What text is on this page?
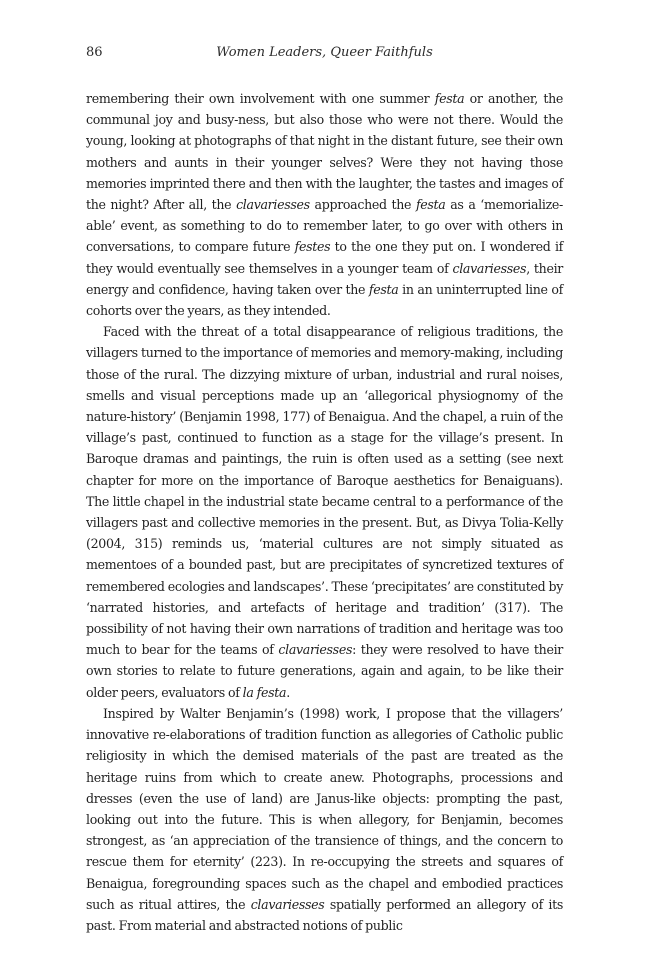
86	Women Leaders, Queer Faithfuls

remembering their own involvement with one summer festa or another, the communal joy and busy-ness, but also those who were not there. Would the young, looking at photographs of that night in the distant future, see their own mothers and aunts in their younger selves? Were they not having those memories imprinted there and then with the laughter, the tastes and images of the night? After all, the clavariesses approached the festa as a ‘memorialize-able’ event, as something to do to remember later, to go over with others in conversations, to compare future festes to the one they put on. I wondered if they would eventually see themselves in a younger team of clavariesses, their energy and confidence, having taken over the festa in an uninterrupted line of cohorts over the years, as they intended.

Faced with the threat of a total disappearance of religious traditions, the villagers turned to the importance of memories and memory-making, including those of the rural. The dizzying mixture of urban, industrial and rural noises, smells and visual perceptions made up an ‘allegorical physiognomy of the nature-history’ (Benjamin 1998, 177) of Benaigua. And the chapel, a ruin of the village’s past, continued to function as a stage for the village’s present. In Baroque dramas and paintings, the ruin is often used as a setting (see next chapter for more on the importance of Baroque aesthetics for Benaiguans). The little chapel in the industrial state became central to a performance of the villagers past and collective memories in the present. But, as Divya Tolia-Kelly (2004, 315) reminds us, ‘material cultures are not simply situated as mementoes of a bounded past, but are precipitates of syncretized textures of remembered ecologies and landscapes’. These ‘precipitates’ are constituted by ‘narrated histories, and artefacts of heritage and tradition’ (317). The possibility of not having their own narrations of tradition and heritage was too much to bear for the teams of clavariesses: they were resolved to have their own stories to relate to future generations, again and again, to be like their older peers, evaluators of la festa.

Inspired by Walter Benjamin’s (1998) work, I propose that the villagers’ innovative re-elaborations of tradition function as allegories of Catholic public religiosity in which the demised materials of the past are treated as the heritage ruins from which to create anew. Photographs, processions and dresses (even the use of land) are Janus-like objects: prompting the past, looking out into the future. This is when allegory, for Benjamin, becomes strongest, as ‘an appreciation of the transience of things, and the concern to rescue them for eternity’ (223). In re-occupying the streets and squares of Benaigua, foregrounding spaces such as the chapel and embodied practices such as ritual attires, the clavariesses spatially performed an allegory of its past. From material and abstracted notions of public
